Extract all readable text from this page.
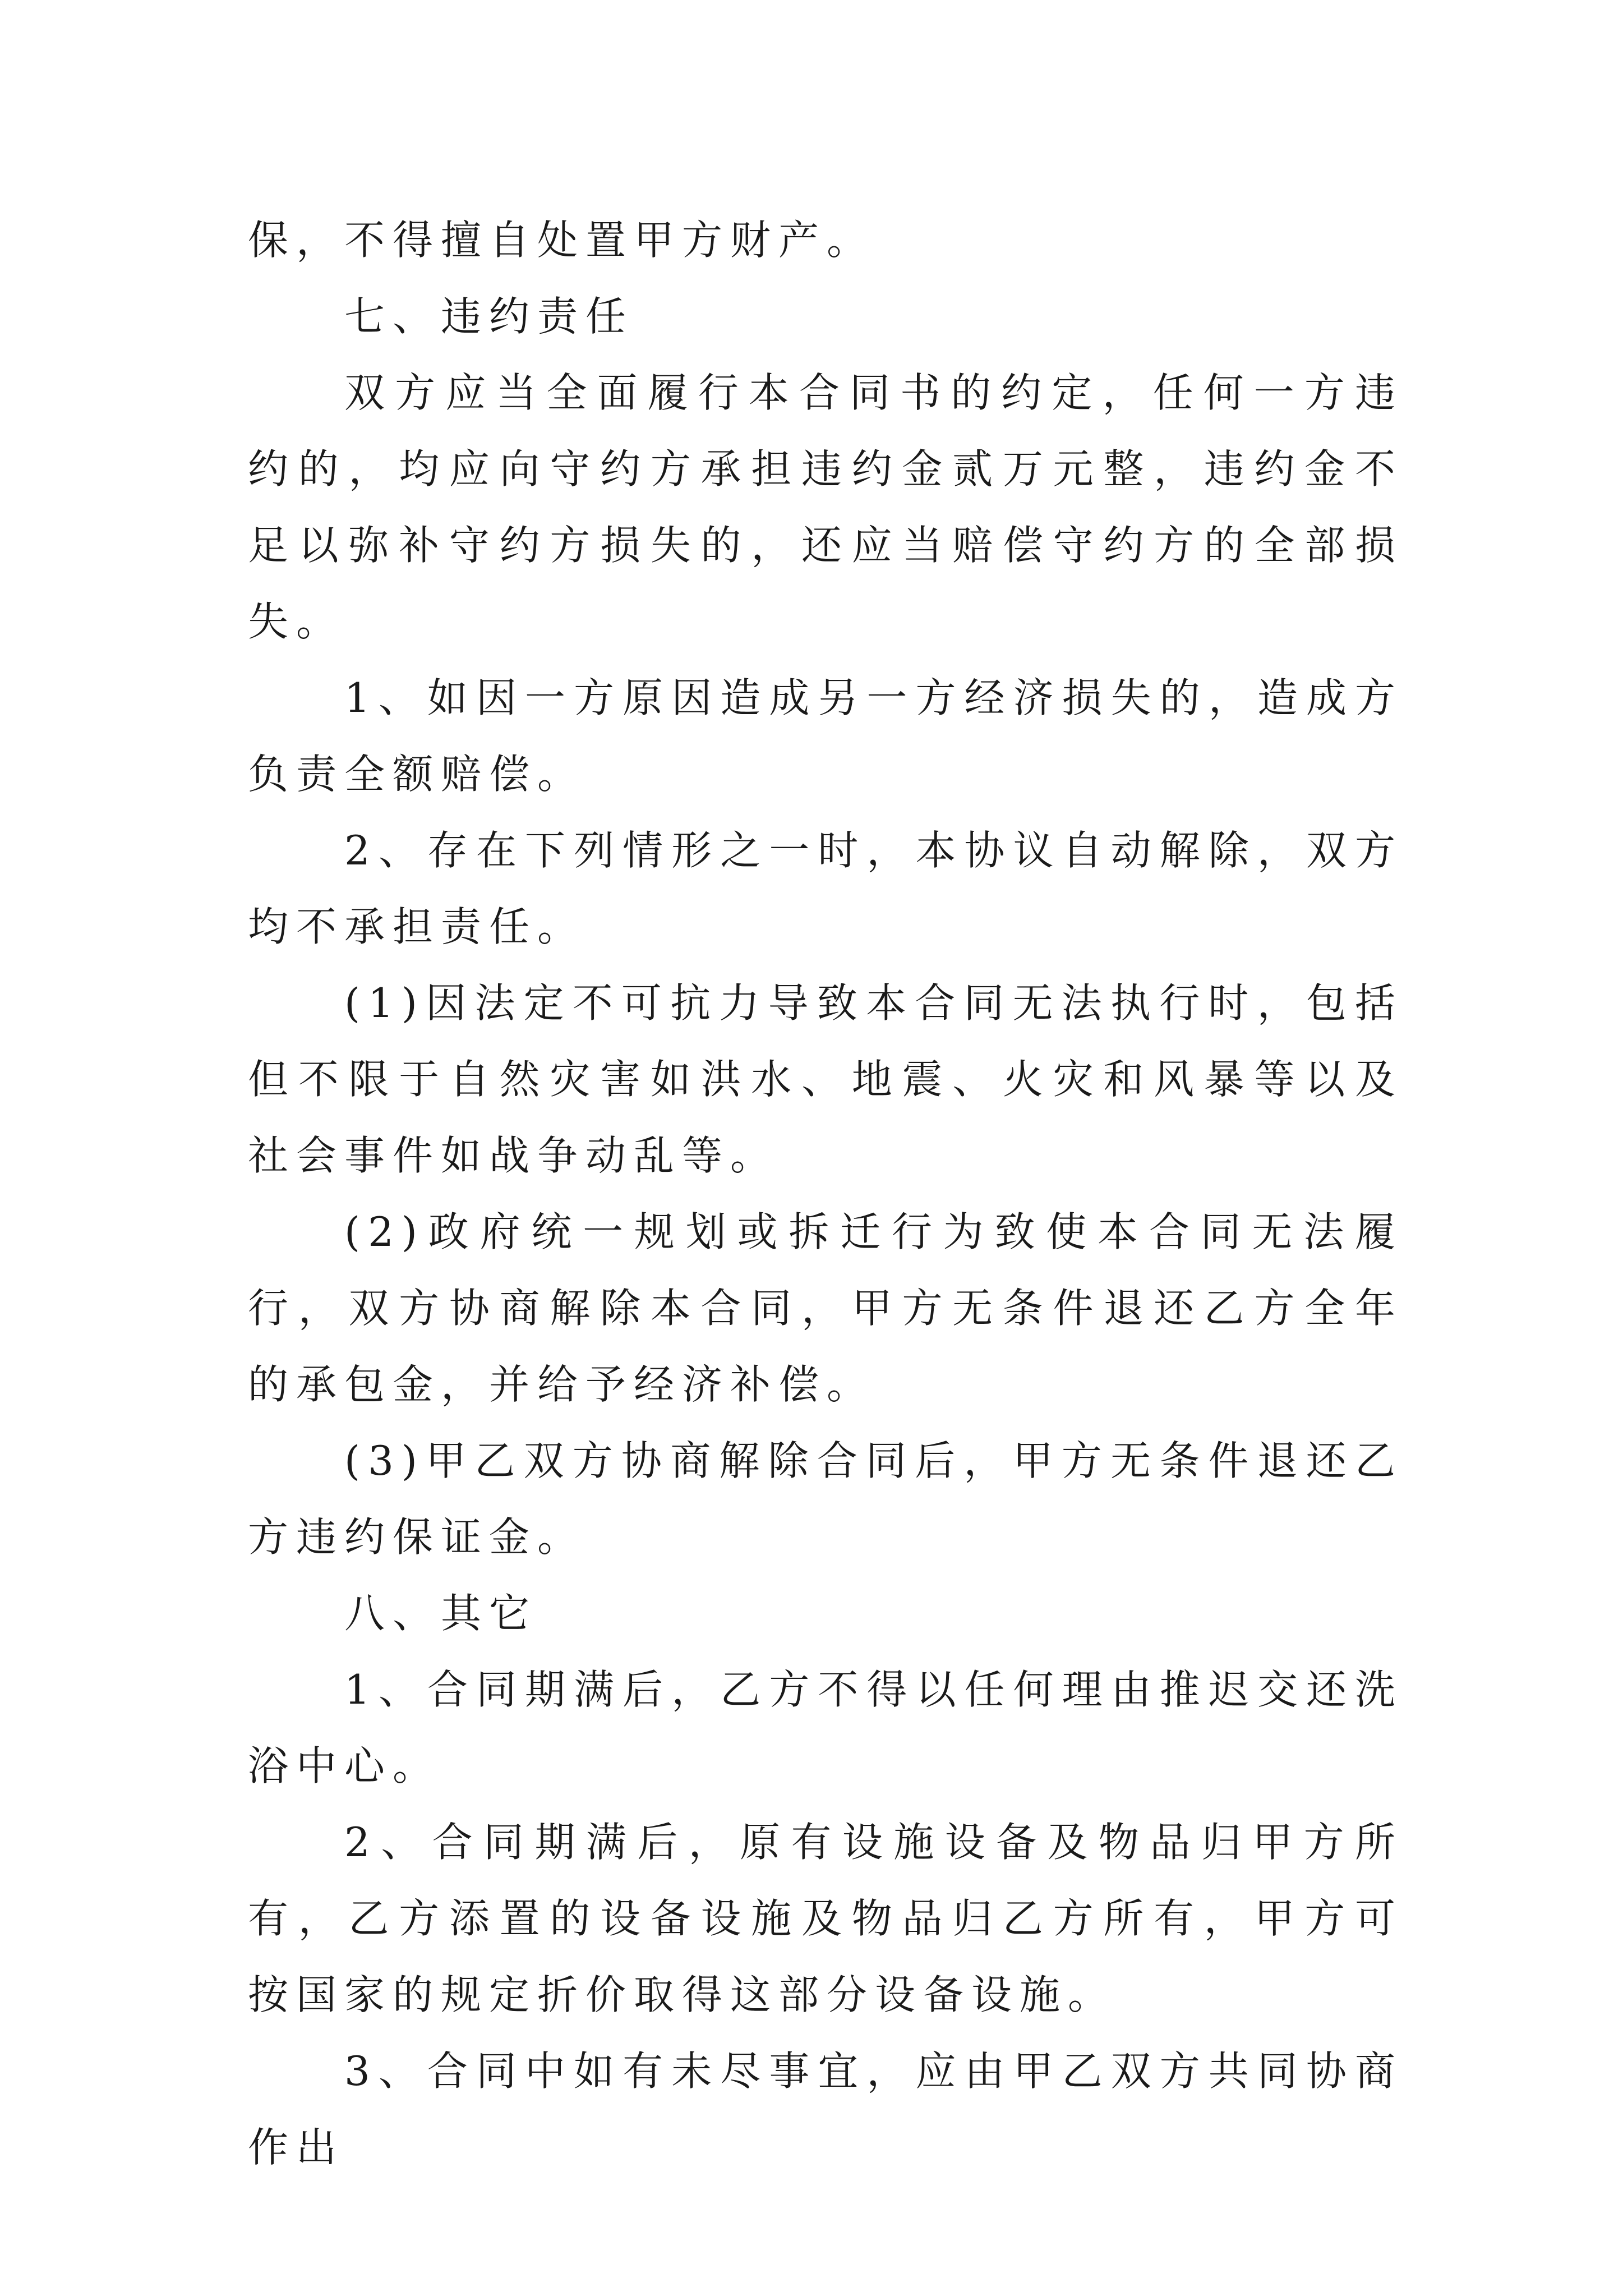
保，不得擅自处置甲方财产。

七、违约责任

双方应当全面履行本合同书的约定，任何一方违约的，均应向守约方承担违约金贰万元整，违约金不足以弥补守约方损失的，还应当赔偿守约方的全部损失。

1、如因一方原因造成另一方经济损失的，造成方负责全额赔偿。

2、存在下列情形之一时，本协议自动解除，双方均不承担责任。

(1)因法定不可抗力导致本合同无法执行时，包括但不限于自然灾害如洪水、地震、火灾和风暴等以及社会事件如战争动乱等。

(2)政府统一规划或拆迁行为致使本合同无法履行，双方协商解除本合同，甲方无条件退还乙方全年的承包金，并给予经济补偿。

(3)甲乙双方协商解除合同后，甲方无条件退还乙方违约保证金。

八、其它

1、合同期满后，乙方不得以任何理由推迟交还洗浴中心。

2、合同期满后，原有设施设备及物品归甲方所有，乙方添置的设备设施及物品归乙方所有，甲方可按国家的规定折价取得这部分设备设施。

3、合同中如有未尽事宜，应由甲乙双方共同协商作出
